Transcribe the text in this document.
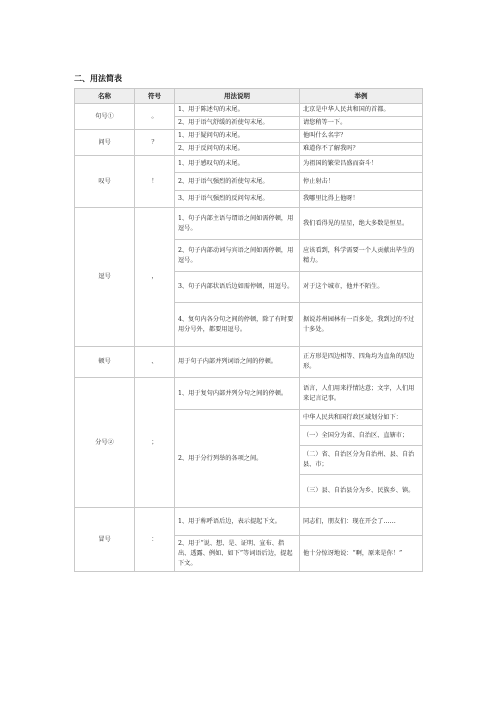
二、用法简表
名称	符号	用法说明	举例
句号①	。	1、用于陈述句的末尾。	北京是中华人民共和国的首都。
		2、用于语气舒缓的祈使句末尾。	请您稍等一下。
问号	？	1、用于疑问句的末尾。	他叫什么名字？
		2、用于反问句的末尾。	难道你不了解我吗？
叹号	！	1、用于感叹句的末尾。	为祖国的繁荣昌盛而奋斗！
		2、用于语气强烈的祈使句末尾。	停止射击！
		3、用于语气强烈的反问句末尾。	我哪里比得上他呀！
逗号	，	1、句子内部主语与谓语之间如需停顿，用逗号。	我们看得见的星星，绝大多数是恒星。
		2、句子内部动词与宾语之间如需停顿，用逗号。	应该看到，科学需要一个人贡献出毕生的精力。
		3、句子内部状语后边如需停顿，用逗号。	对于这个城市，他并不陌生。
		4、复句内各分句之间的停顿，除了有时要用分号外，都要用逗号。	据说苏州园林有一百多处，我到过的不过十多处。
顿号	、	用于句子内部并列词语之间的停顿。	正方形是四边相等、四角均为直角的四边形。
分号②	；	1、用于复句内部并列分句之间的停顿。	语言，人们用来抒情达意；文字，人们用来记言记事。
		2、用于分行列举的各项之间。	中华人民共和国行政区域划分如下：
			（一）全国分为省、自治区、直辖市；
			（二）省、自治区分为自治州、县、自治县、市；
			（三）县、自治县分为乡、民族乡、镇。
冒号	：	1、用于称呼语后边，表示提起下文。	同志们，朋友们：现在开会了……
		2、用于“说、想、是、证明、宣布、指出、透露、例如、如下”等词语后边，提起下文。	他十分惊讶地说：“啊，原来是你！”
